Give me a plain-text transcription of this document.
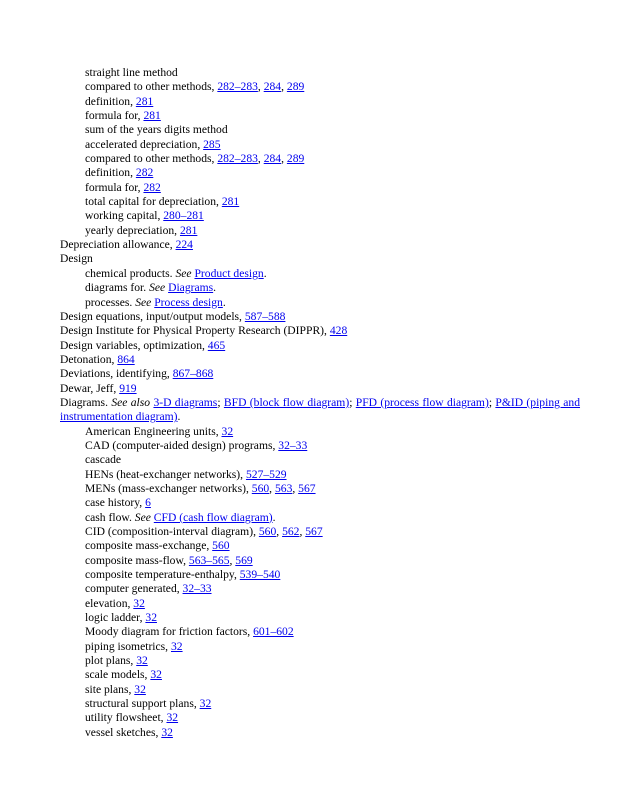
straight line method
compared to other methods, 282–283, 284, 289
definition, 281
formula for, 281
sum of the years digits method
accelerated depreciation, 285
compared to other methods, 282–283, 284, 289
definition, 282
formula for, 282
total capital for depreciation, 281
working capital, 280–281
yearly depreciation, 281
Depreciation allowance, 224
Design
chemical products. See Product design.
diagrams for. See Diagrams.
processes. See Process design.
Design equations, input/output models, 587–588
Design Institute for Physical Property Research (DIPPR), 428
Design variables, optimization, 465
Detonation, 864
Deviations, identifying, 867–868
Dewar, Jeff, 919
Diagrams. See also 3-D diagrams; BFD (block flow diagram); PFD (process flow diagram); P&ID (piping and instrumentation diagram).
American Engineering units, 32
CAD (computer-aided design) programs, 32–33
cascade
HENs (heat-exchanger networks), 527–529
MENs (mass-exchanger networks), 560, 563, 567
case history, 6
cash flow. See CFD (cash flow diagram).
CID (composition-interval diagram), 560, 562, 567
composite mass-exchange, 560
composite mass-flow, 563–565, 569
composite temperature-enthalpy, 539–540
computer generated, 32–33
elevation, 32
logic ladder, 32
Moody diagram for friction factors, 601–602
piping isometrics, 32
plot plans, 32
scale models, 32
site plans, 32
structural support plans, 32
utility flowsheet, 32
vessel sketches, 32
